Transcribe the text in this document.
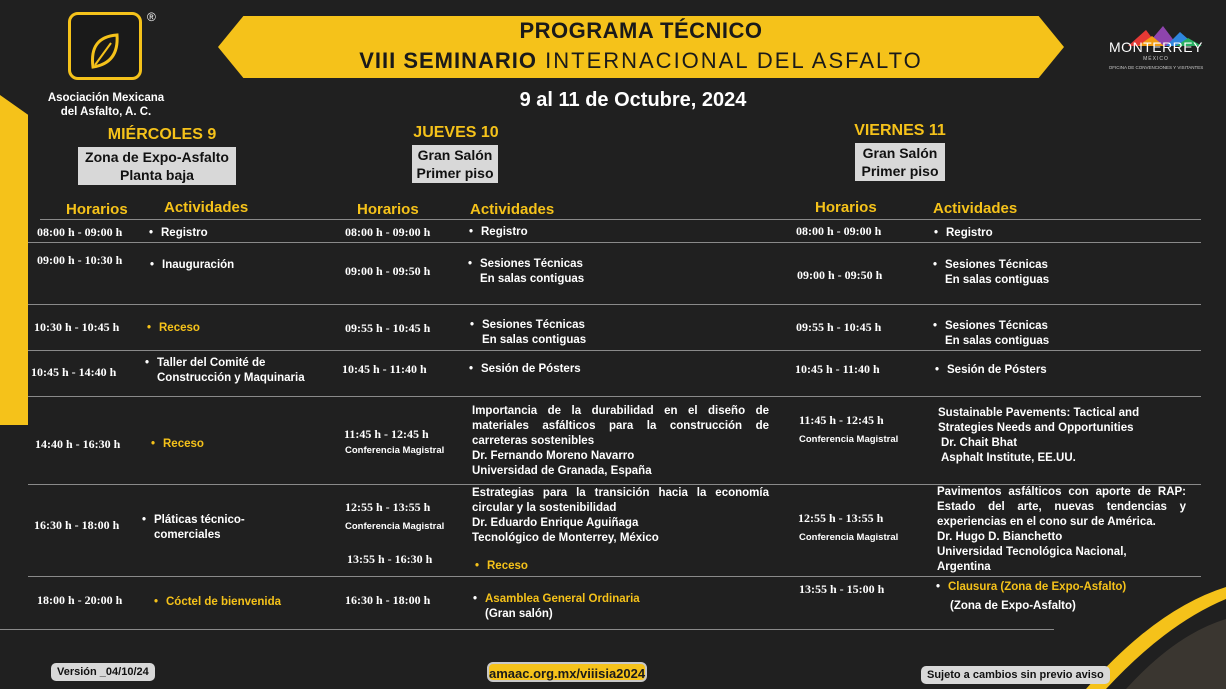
®
Asociación Mexicana
del Asfalto, A. C.
PROGRAMA TÉCNICO
VIII SEMINARIO INTERNACIONAL DEL ASFALTO
9 al 11 de Octubre, 2024
MONTERREY
MÉXICO
OFICINA DE CONVENCIONES Y VISITANTES
MIÉRCOLES 9
Zona de Expo-Asfalto
Planta baja
JUEVES 10
Gran Salón
Primer piso
VIERNES 11
Gran Salón
Primer piso
Horarios Actividades	Horarios	Actividades	Horarios	Actividades
08:00 h - 09:00 h	• Registro
09:00 h - 10:30 h	• Inauguración
10:30 h - 10:45 h	• Receso
10:45 h - 14:40 h
• Taller del Comité de
Construcción y Maquinaria
14:40 h - 16:30 h	• Receso
16:30 h - 18:00 h	• Pláticas técnico-
comerciales
18:00 h - 20:00 h	• Cóctel de bienvenida
08:00 h - 09:00 h	• Registro
09:00 h - 09:50 h	• Sesiones Técnicas
En salas contiguas
09:55 h - 10:45 h	• Sesiones Técnicas
En salas contiguas
10:45 h - 11:40 h	• Sesión de Pósters
11:45 h - 12:45 h
Conferencia Magistral
Importancia de la durabilidad en el diseño de
materiales asfálticos para la construcción de
carreteras sostenibles
Dr. Fernando Moreno Navarro
Universidad de Granada, España
12:55 h - 13:55 h
Conferencia Magistral
Estrategias para la transición hacia la economía
circular y la sostenibilidad
Dr. Eduardo Enrique Aguiñaga
Tecnológico de Monterrey, México
13:55 h - 16:30 h	• Receso
16:30 h - 18:00 h	• Asamblea General Ordinaria
(Gran salón)
08:00 h - 09:00 h	• Registro
09:00 h - 09:50 h
• Sesiones Técnicas
En salas contiguas
09:55 h - 10:45 h	• Sesiones Técnicas
En salas contiguas
10:45 h - 11:40 h	• Sesión de Pósters
11:45 h - 12:45 h
Conferencia Magistral
Sustainable Pavements: Tactical and
Strategies Needs and Opportunities
Dr. Chait Bhat
Asphalt Institute, EE.UU.
12:55 h - 13:55 h
Conferencia Magistral
Pavimentos asfálticos con aporte de RAP:
Estado del arte, nuevas tendencias y
experiencias en el cono sur de América.
Dr. Hugo D. Bianchetto
Universidad Tecnológica Nacional,
Argentina
13:55 h - 15:00 h	• Clausura (Zona de Expo-Asfalto)
(Zona de Expo-Asfalto)
Versión _04/10/24	amaac.org.mx/viiisia2024	Sujeto a cambios sin previo aviso
